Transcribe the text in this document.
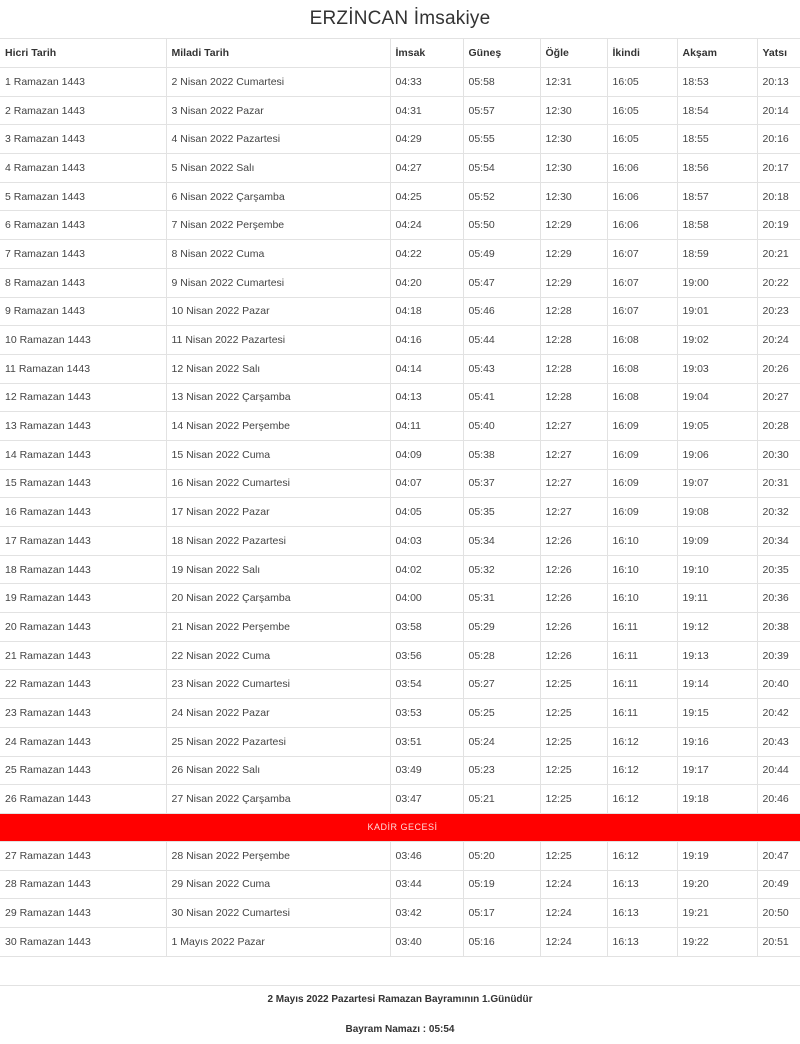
ERZİNCAN İmsakiye
Hicri Tarih	Miladi Tarih	İmsak	Güneş	Öğle	İkindi	Akşam	Yatsı
1 Ramazan 1443	2 Nisan 2022 Cumartesi	04:33	05:58	12:31	16:05	18:53	20:13
2 Ramazan 1443	3 Nisan 2022 Pazar	04:31	05:57	12:30	16:05	18:54	20:14
3 Ramazan 1443	4 Nisan 2022 Pazartesi	04:29	05:55	12:30	16:05	18:55	20:16
4 Ramazan 1443	5 Nisan 2022 Salı	04:27	05:54	12:30	16:06	18:56	20:17
5 Ramazan 1443	6 Nisan 2022 Çarşamba	04:25	05:52	12:30	16:06	18:57	20:18
6 Ramazan 1443	7 Nisan 2022 Perşembe	04:24	05:50	12:29	16:06	18:58	20:19
7 Ramazan 1443	8 Nisan 2022 Cuma	04:22	05:49	12:29	16:07	18:59	20:21
8 Ramazan 1443	9 Nisan 2022 Cumartesi	04:20	05:47	12:29	16:07	19:00	20:22
9 Ramazan 1443	10 Nisan 2022 Pazar	04:18	05:46	12:28	16:07	19:01	20:23
10 Ramazan 1443	11 Nisan 2022 Pazartesi	04:16	05:44	12:28	16:08	19:02	20:24
11 Ramazan 1443	12 Nisan 2022 Salı	04:14	05:43	12:28	16:08	19:03	20:26
12 Ramazan 1443	13 Nisan 2022 Çarşamba	04:13	05:41	12:28	16:08	19:04	20:27
13 Ramazan 1443	14 Nisan 2022 Perşembe	04:11	05:40	12:27	16:09	19:05	20:28
14 Ramazan 1443	15 Nisan 2022 Cuma	04:09	05:38	12:27	16:09	19:06	20:30
15 Ramazan 1443	16 Nisan 2022 Cumartesi	04:07	05:37	12:27	16:09	19:07	20:31
16 Ramazan 1443	17 Nisan 2022 Pazar	04:05	05:35	12:27	16:09	19:08	20:32
17 Ramazan 1443	18 Nisan 2022 Pazartesi	04:03	05:34	12:26	16:10	19:09	20:34
18 Ramazan 1443	19 Nisan 2022 Salı	04:02	05:32	12:26	16:10	19:10	20:35
19 Ramazan 1443	20 Nisan 2022 Çarşamba	04:00	05:31	12:26	16:10	19:11	20:36
20 Ramazan 1443	21 Nisan 2022 Perşembe	03:58	05:29	12:26	16:11	19:12	20:38
21 Ramazan 1443	22 Nisan 2022 Cuma	03:56	05:28	12:26	16:11	19:13	20:39
22 Ramazan 1443	23 Nisan 2022 Cumartesi	03:54	05:27	12:25	16:11	19:14	20:40
23 Ramazan 1443	24 Nisan 2022 Pazar	03:53	05:25	12:25	16:11	19:15	20:42
24 Ramazan 1443	25 Nisan 2022 Pazartesi	03:51	05:24	12:25	16:12	19:16	20:43
25 Ramazan 1443	26 Nisan 2022 Salı	03:49	05:23	12:25	16:12	19:17	20:44
26 Ramazan 1443	27 Nisan 2022 Çarşamba	03:47	05:21	12:25	16:12	19:18	20:46
KADİR GECESİ							
27 Ramazan 1443	28 Nisan 2022 Perşembe	03:46	05:20	12:25	16:12	19:19	20:47
28 Ramazan 1443	29 Nisan 2022 Cuma	03:44	05:19	12:24	16:13	19:20	20:49
29 Ramazan 1443	30 Nisan 2022 Cumartesi	03:42	05:17	12:24	16:13	19:21	20:50
30 Ramazan 1443	1 Mayıs 2022 Pazar	03:40	05:16	12:24	16:13	19:22	20:51
2 Mayıs 2022 Pazartesi Ramazan Bayramının 1.Günüdür
Bayram Namazı : 05:54
